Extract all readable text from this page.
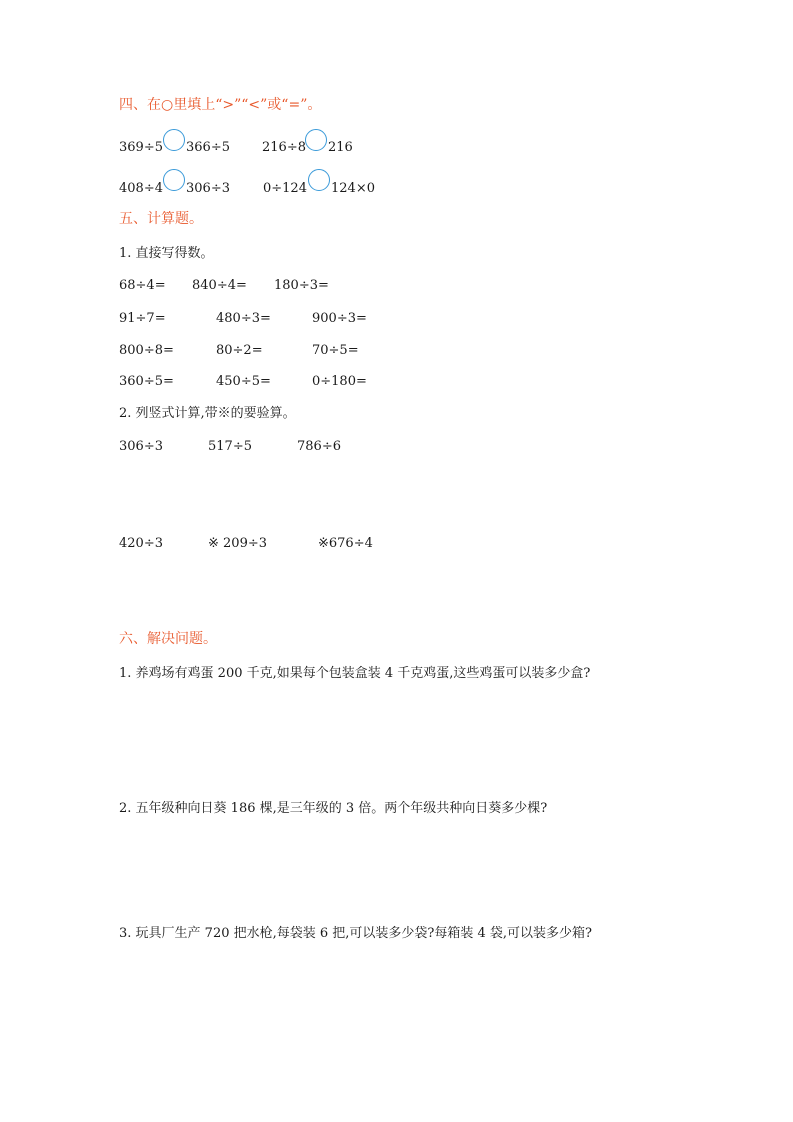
四、在○里填上“>”“<”或“=”。
369÷5 366÷5 216÷8 216
408÷4 306÷3	0÷124 124×0
五、计算题。
1. 直接写得数。
68÷4= 840÷4= 180÷3=
91÷7=	480÷3=	900÷3=
800÷8=	80÷2=	70÷5=
360÷5=	450÷5=	0÷180=
2. 列竖式计算,带※的要验算。
306÷3	517÷5	786÷6
420÷3	※ 209÷3	※676÷4
六、解决问题。
1. 养鸡场有鸡蛋 200 千克,如果每个包装盒装 4 千克鸡蛋,这些鸡蛋可以装多少盒?
2. 五年级种向日葵 186 棵,是三年级的 3 倍。两个年级共种向日葵多少棵?
3. 玩具厂生产 720 把水枪,每袋装 6 把,可以装多少袋?每箱装 4 袋,可以装多少箱?
